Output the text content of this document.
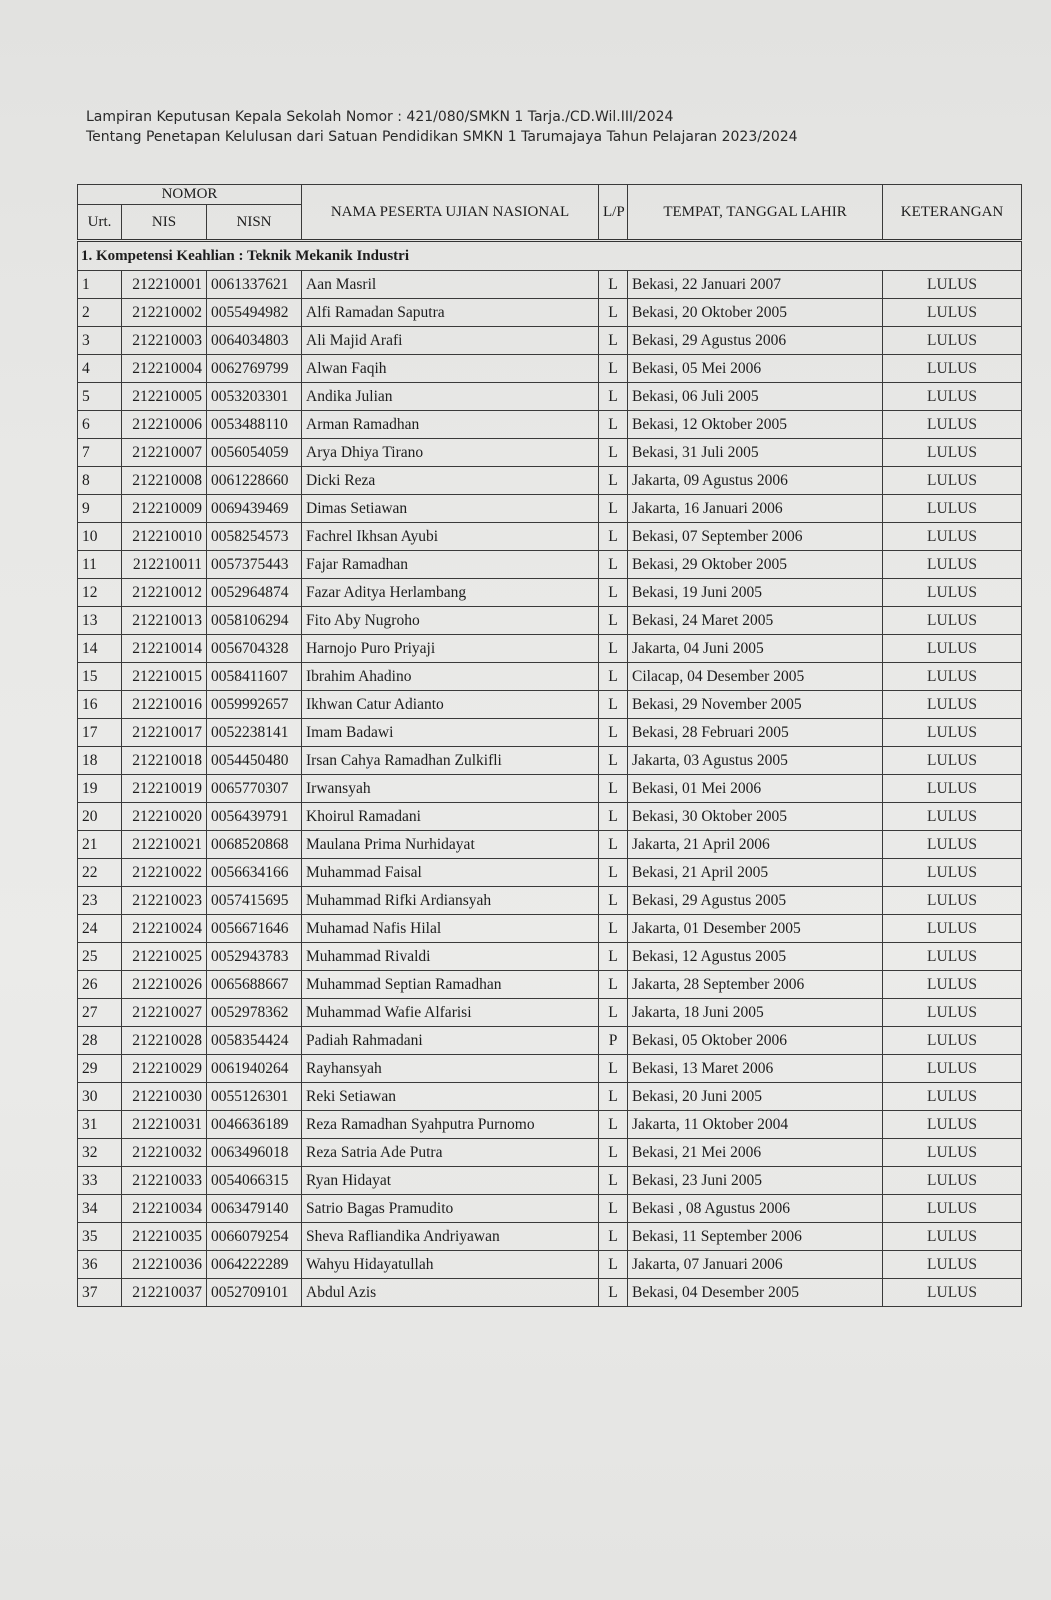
Lampiran Keputusan Kepala Sekolah Nomor : 421/080/SMKN 1 Tarja./CD.Wil.III/2024
Tentang Penetapan Kelulusan dari Satuan Pendidikan SMKN 1 Tarumajaya Tahun Pelajaran 2023/2024
NOMOR			NAMA PESERTA UJIAN NASIONAL	L/P	TEMPAT, TANGGAL LAHIR	KETERANGAN
Urt.	NIS	NISN				
1. Kompetensi Keahlian : Teknik Mekanik Industri						
1	212210001	0061337621	Aan Masril	L	Bekasi, 22 Januari 2007	LULUS
2	212210002	0055494982	Alfi Ramadan Saputra	L	Bekasi, 20 Oktober 2005	LULUS
3	212210003	0064034803	Ali Majid Arafi	L	Bekasi, 29 Agustus 2006	LULUS
4	212210004	0062769799	Alwan Faqih	L	Bekasi, 05 Mei 2006	LULUS
5	212210005	0053203301	Andika Julian	L	Bekasi, 06 Juli 2005	LULUS
6	212210006	0053488110	Arman Ramadhan	L	Bekasi, 12 Oktober 2005	LULUS
7	212210007	0056054059	Arya Dhiya Tirano	L	Bekasi, 31 Juli 2005	LULUS
8	212210008	0061228660	Dicki Reza	L	Jakarta, 09 Agustus 2006	LULUS
9	212210009	0069439469	Dimas Setiawan	L	Jakarta, 16 Januari 2006	LULUS
10	212210010	0058254573	Fachrel Ikhsan Ayubi	L	Bekasi, 07 September 2006	LULUS
11	212210011	0057375443	Fajar Ramadhan	L	Bekasi, 29 Oktober 2005	LULUS
12	212210012	0052964874	Fazar Aditya Herlambang	L	Bekasi, 19 Juni 2005	LULUS
13	212210013	0058106294	Fito Aby Nugroho	L	Bekasi, 24 Maret 2005	LULUS
14	212210014	0056704328	Harnojo Puro Priyaji	L	Jakarta, 04 Juni 2005	LULUS
15	212210015	0058411607	Ibrahim Ahadino	L	Cilacap, 04 Desember 2005	LULUS
16	212210016	0059992657	Ikhwan Catur Adianto	L	Bekasi, 29 November 2005	LULUS
17	212210017	0052238141	Imam Badawi	L	Bekasi, 28 Februari 2005	LULUS
18	212210018	0054450480	Irsan Cahya Ramadhan Zulkifli	L	Jakarta, 03 Agustus 2005	LULUS
19	212210019	0065770307	Irwansyah	L	Bekasi, 01 Mei 2006	LULUS
20	212210020	0056439791	Khoirul Ramadani	L	Bekasi, 30 Oktober 2005	LULUS
21	212210021	0068520868	Maulana Prima Nurhidayat	L	Jakarta, 21 April 2006	LULUS
22	212210022	0056634166	Muhammad Faisal	L	Bekasi, 21 April 2005	LULUS
23	212210023	0057415695	Muhammad Rifki Ardiansyah	L	Bekasi, 29 Agustus 2005	LULUS
24	212210024	0056671646	Muhamad Nafis Hilal	L	Jakarta, 01 Desember 2005	LULUS
25	212210025	0052943783	Muhammad Rivaldi	L	Bekasi, 12 Agustus 2005	LULUS
26	212210026	0065688667	Muhammad Septian Ramadhan	L	Jakarta, 28 September 2006	LULUS
27	212210027	0052978362	Muhammad Wafie Alfarisi	L	Jakarta, 18 Juni 2005	LULUS
28	212210028	0058354424	Padiah Rahmadani	P	Bekasi, 05 Oktober 2006	LULUS
29	212210029	0061940264	Rayhansyah	L	Bekasi, 13 Maret 2006	LULUS
30	212210030	0055126301	Reki Setiawan	L	Bekasi, 20 Juni 2005	LULUS
31	212210031	0046636189	Reza Ramadhan Syahputra Purnomo	L	Jakarta, 11 Oktober 2004	LULUS
32	212210032	0063496018	Reza Satria Ade Putra	L	Bekasi, 21 Mei 2006	LULUS
33	212210033	0054066315	Ryan Hidayat	L	Bekasi, 23 Juni 2005	LULUS
34	212210034	0063479140	Satrio Bagas Pramudito	L	Bekasi , 08 Agustus 2006	LULUS
35	212210035	0066079254	Sheva Rafliandika Andriyawan	L	Bekasi, 11 September 2006	LULUS
36	212210036	0064222289	Wahyu Hidayatullah	L	Jakarta, 07 Januari 2006	LULUS
37	212210037	0052709101	Abdul Azis	L	Bekasi, 04 Desember 2005	LULUS
